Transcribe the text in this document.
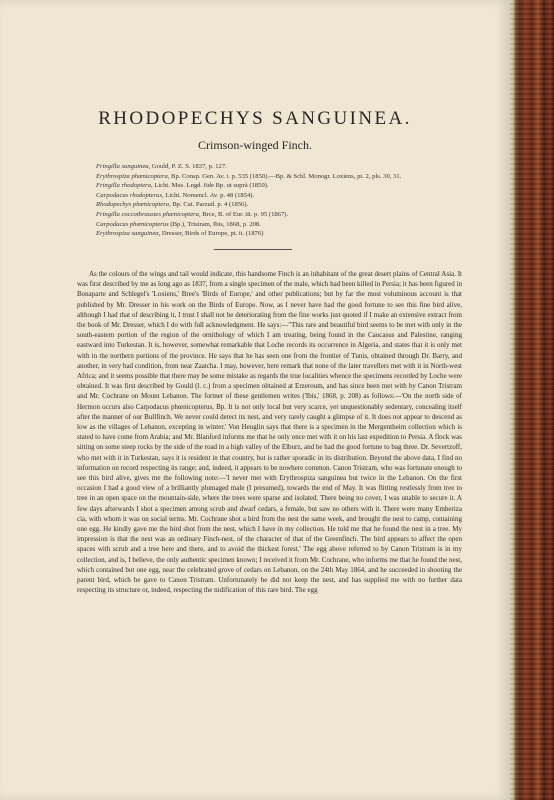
RHODOPECHYS SANGUINEA.
Crimson-winged Finch.
Fringilla sanguinea, Gould, P. Z. S. 1837, p. 127.
Erythrospiza phœnicoptera, Bp. Consp. Gen. Av. i. p. 535 (1850).—Bp. & Schl. Monogr. Loxiens, pt. 2, pls. 30, 31.
Fringilla rhodoptera, Licht. Mus. Lngd. fide Bp. ut suprà (1850).
Carpodacus rhodopterus, Licht. Nomencl. Av. p. 48 (1854).
Rhodopechys phœnicoptera, Bp. Cat. Parzud. p. 4 (1856).
Fringilla coccothraustes phœnicoptera, Brce, B. of Eur. iii. p. 95 (1867).
Carpodacus phœnicopterus (Bp.), Tristram, Ibis, 1868, p. 208.
Erythrospiza sanguinea, Dresser, Birds of Europe, pt. ii. (1876)

As the colours of the wings and tail would indicate, this handsome Finch is an inhabitant of the great desert plains of Central Asia. It was first described by me as long ago as 1837, from a single specimen of the male, which had been killed in Persia; it has been figured in Bonaparte and Schlegel's 'Loxiens,' Bree's 'Birds of Europe,' and other publications; but by far the most voluminous account is that published by Mr. Dresser in his work on the Birds of Europe. Now, as I never have had the good fortune to see this fine bird alive, although I had that of describing it, I trust I shall not be deteriorating from the fine works just quoted if I make an extensive extract from the book of Mr. Dresser, which I do with full acknowledgment. He says:—"This rare and beautiful bird seems to be met with only in the south-eastern portion of the region of the ornithology of which I am treating, being found in the Caucasus and Palestine, ranging eastward into Turkestan. It is, however, somewhat remarkable that Loche records its occurrence in Algeria, and states that it is only met with in the northern portions of the province. He says that he has seen one from the frontier of Tunis, obtained through Dr. Barry, and another, in very bad condition, from near Zaatcha. I may, however, here remark that none of the later travellers met with it in North-west Africa; and it seems possible that there may be some mistake as regards the true localities whence the specimens recorded by Loche were obtained. It was first described by Gould (l. c.) from a specimen obtained at Erzeroum, and has since been met with by Canon Tristram and Mr. Cochrane on Mount Lebanon. The former of these gentlemen writes ('Ibis,' 1868, p. 208) as follows:—'On the north side of Hermon occurs also Carpodacus phœnicopterus, Bp. It is not only local but very scarce, yet unquestionably sedentary, concealing itself after the manner of our Bullfinch. We never could detect its nest, and very rarely caught a glimpse of it. It does not appear to descend as low as the villages of Lebanon, excepting in winter.' Von Heuglin says that there is a specimen in the Mergentheim collection which is stated to have come from Arabia; and Mr. Blanford informs me that he only once met with it on his last expedition to Persia. A flock was sitting on some steep rocks by the side of the road in a high valley of the Elburz, and he had the good fortune to bag three. Dr. Severtzoff, who met with it in Turkestan, says it is resident in that country, but is rather sporadic in its distribution. Beyond the above data, I find no information on record respecting its range; and, indeed, it appears to be nowhere common. Canon Tristram, who was fortunate enough to see this bird alive, gives me the following note:—'I never met with Erythrospiza sanguinea but twice in the Lebanon. On the first occasion I had a good view of a brilliantly plumaged male (I presumed), towards the end of May. It was flitting restlessly from tree to tree in an open space on the mountain-side, where the trees were sparse and isolated. There being no cover, I was unable to secure it. A few days afterwards I shot a specimen among scrub and dwarf cedars, a female, but saw no others with it. There were many Emberiza cia, with whom it was on social terms. Mr. Cochrane shot a bird from the nest the same week, and brought the nest to camp, containing one egg. He kindly gave me the bird shot from the nest, which I have in my collection. He told me that he found the nest in a tree. My impression is that the nest was an ordinary Finch-nest, of the character of that of the Greenfinch. The bird appears to affect the open spaces with scrub and a tree here and there, and to avoid the thickest forest.' The egg above referred to by Canon Tristram is in my collection, and is, I believe, the only authentic specimen known; I received it from Mr. Cochrane, who informs me that he found the nest, which contained but one egg, near the celebrated grove of cedars on Lebanon, on the 24th May 1864, and he succeeded in shooting the parent bird, which he gave to Canon Tristram. Unfortunately he did not keep the nest, and has supplied me with no further data respecting its structure or, indeed, respecting the nidification of this rare bird. The egg
